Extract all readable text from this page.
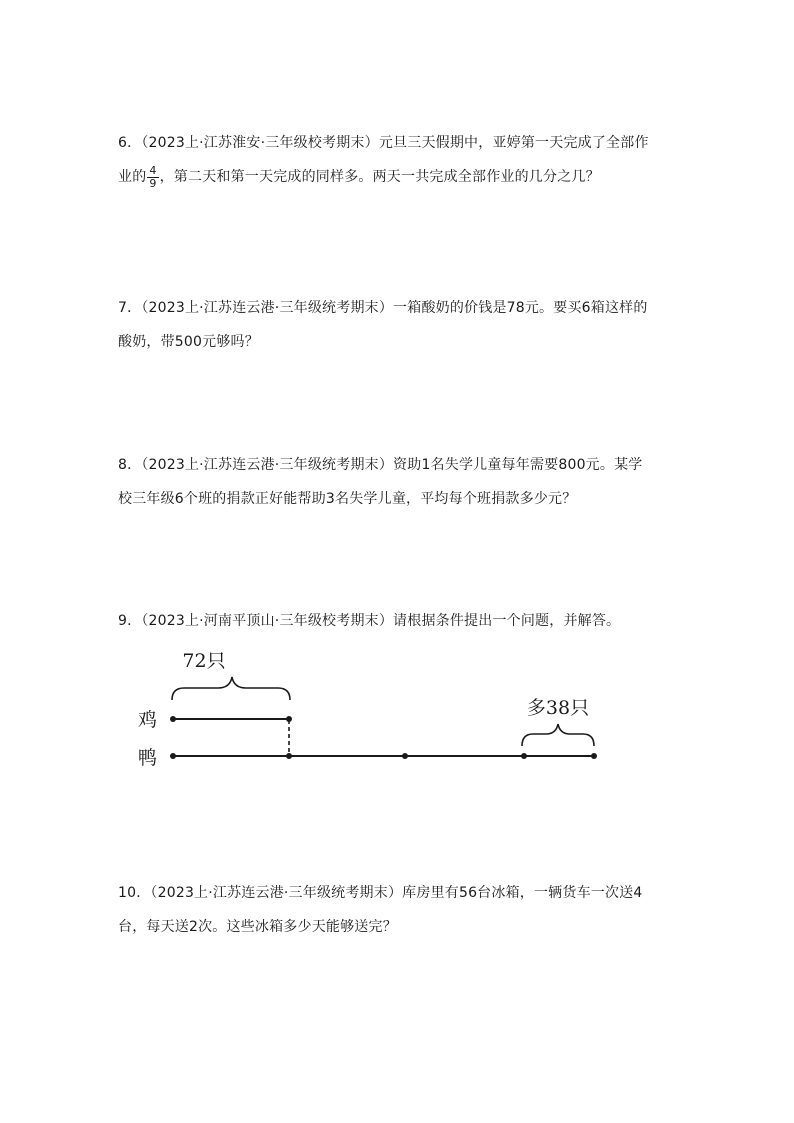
6．（2023上·江苏淮安·三年级校考期末）元旦三天假期中，亚婷第一天完成了全部作
业的 $\frac{4}{9}$ ，第二天和第一天完成的同样多。两天一共完成全部作业的几分之几？
7．（2023上·江苏连云港·三年级统考期末）一箱酸奶的价钱是78元。要买6箱这样的
酸奶，带500元够吗？
8．（2023上·江苏连云港·三年级统考期末）资助1名失学儿童每年需要800元。某学
校三年级6个班的捐款正好能帮助3名失学儿童，平均每个班捐款多少元？
9．（2023上·河南平顶山·三年级校考期末）请根据条件提出一个问题，并解答。
72只
鸡
鸭
多38只
10．（2023上·江苏连云港·三年级统考期末）库房里有56台冰箱，一辆货车一次送4
台，每天送2次。这些冰箱多少天能够送完？
